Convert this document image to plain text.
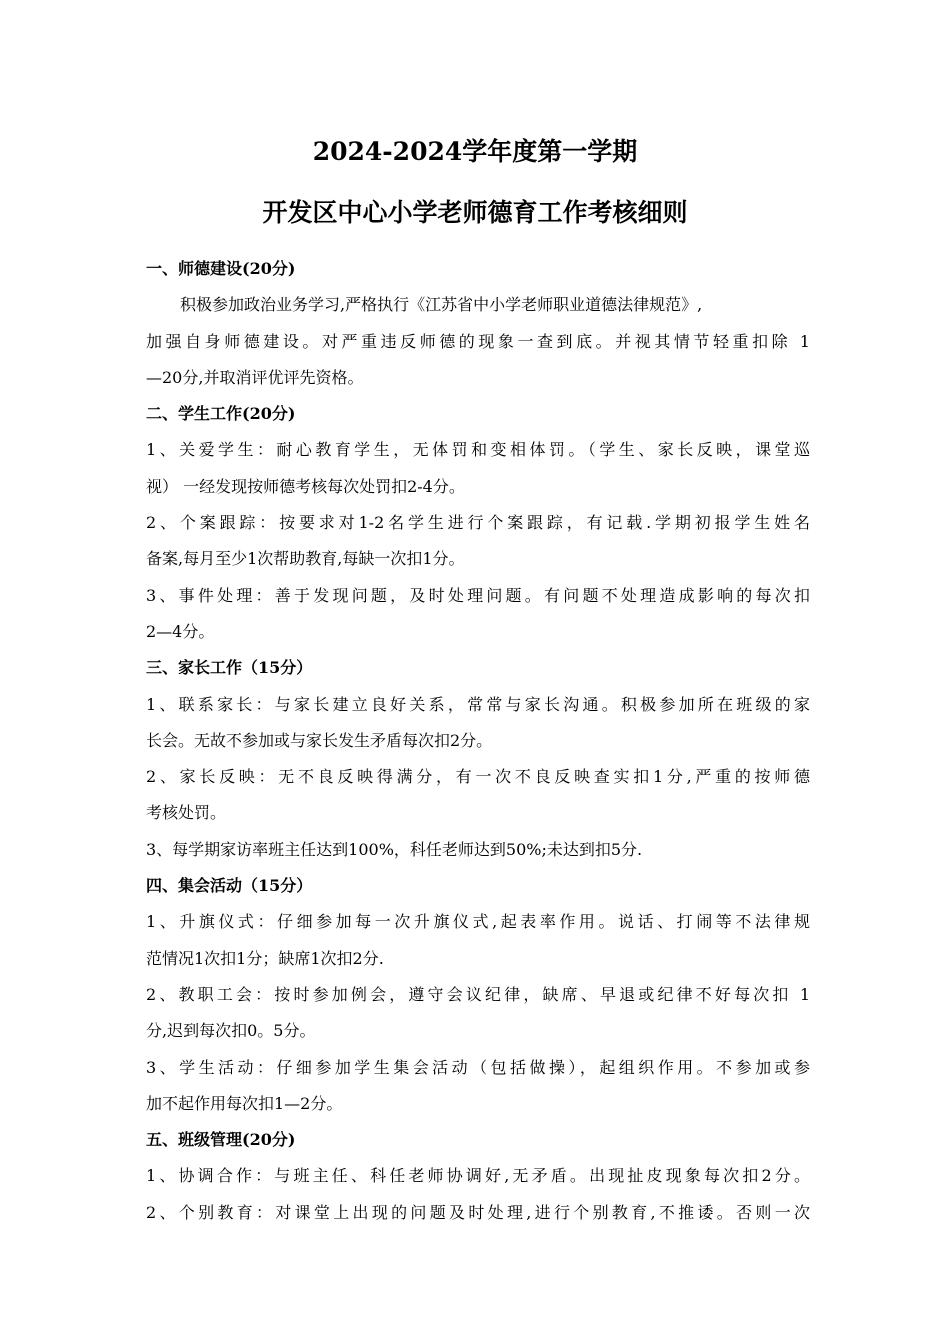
2024-2024学年度第一学期
开发区中心小学老师德育工作考核细则
一、师德建设(20分)
积极参加政治业务学习,严格执行《江苏省中小学老师职业道德法律规范》,
加强自身师德建设。对严重违反师德的现象一查到底。并视其情节轻重扣除 1
—20分,并取消评优评先资格。
二、学生工作(20分)
1、关爱学生：耐心教育学生，无体罚和变相体罚。（学生、家长反映，课堂巡
视） 一经发现按师德考核每次处罚扣2-4分。
2、个案跟踪：按要求对1-2名学生进行个案跟踪，有记载.学期初报学生姓名
备案,每月至少1次帮助教育,每缺一次扣1分。
3、事件处理：善于发现问题，及时处理问题。有问题不处理造成影响的每次扣
2—4分。
三、家长工作（15分）
1、联系家长：与家长建立良好关系，常常与家长沟通。积极参加所在班级的家
长会。无故不参加或与家长发生矛盾每次扣2分。
2、家长反映：无不良反映得满分，有一次不良反映查实扣1分,严重的按师德
考核处罚。
3、每学期家访率班主任达到100%，科任老师达到50%;未达到扣5分.
四、集会活动（15分）
1、升旗仪式：仔细参加每一次升旗仪式,起表率作用。说话、打闹等不法律规
范情况1次扣1分；缺席1次扣2分.
2、教职工会：按时参加例会，遵守会议纪律，缺席、早退或纪律不好每次扣 1
分,迟到每次扣0。5分。
3、学生活动：仔细参加学生集会活动（包括做操），起组织作用。不参加或参
加不起作用每次扣1—2分。
五、班级管理(20分)
1、协调合作：与班主任、科任老师协调好,无矛盾。出现扯皮现象每次扣2分。
2、个别教育：对课堂上出现的问题及时处理,进行个别教育,不推诿。否则一次
